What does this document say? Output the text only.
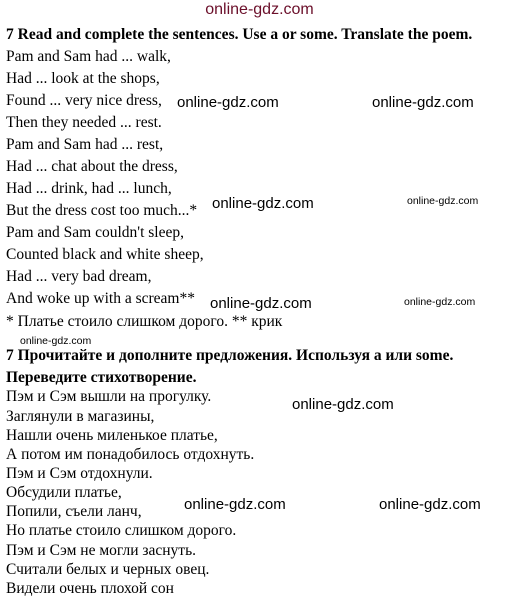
online-gdz.com
7 Read and complete the sentences. Use a or some. Translate the poem.
Pam and Sam had ... walk,
Had ... look at the shops,
Found ... very nice dress,
Then they needed ... rest.
Pam and Sam had ... rest,
Had ... chat about the dress,
Had ... drink, had ... lunch,
But the dress cost too much...*
Pam and Sam couldn't sleep,
Counted black and white sheep,
Had ... very bad dream,
And woke up with a scream**
* Платье стоило слишком дорого. ** крик
7 Прочитайте и дополните предложения. Используя a или some.
Переведите стихотворение.
Пэм и Сэм вышли на прогулку.
Заглянули в магазины,
Нашли очень миленькое платье,
А потом им понадобилось отдохнуть.
Пэм и Сэм отдохнули.
Обсудили платье,
Попили, съели ланч,
Но платье стоило слишком дорого.
Пэм и Сэм не могли заснуть.
Считали белых и черных овец.
Видели очень плохой сон
online-gdz.com	online-gdz.com
online-gdz.com	online-gdz.com
online-gdz.com	online-gdz.com
online-gdz.com
online-gdz.com
online-gdz.com	online-gdz.com
